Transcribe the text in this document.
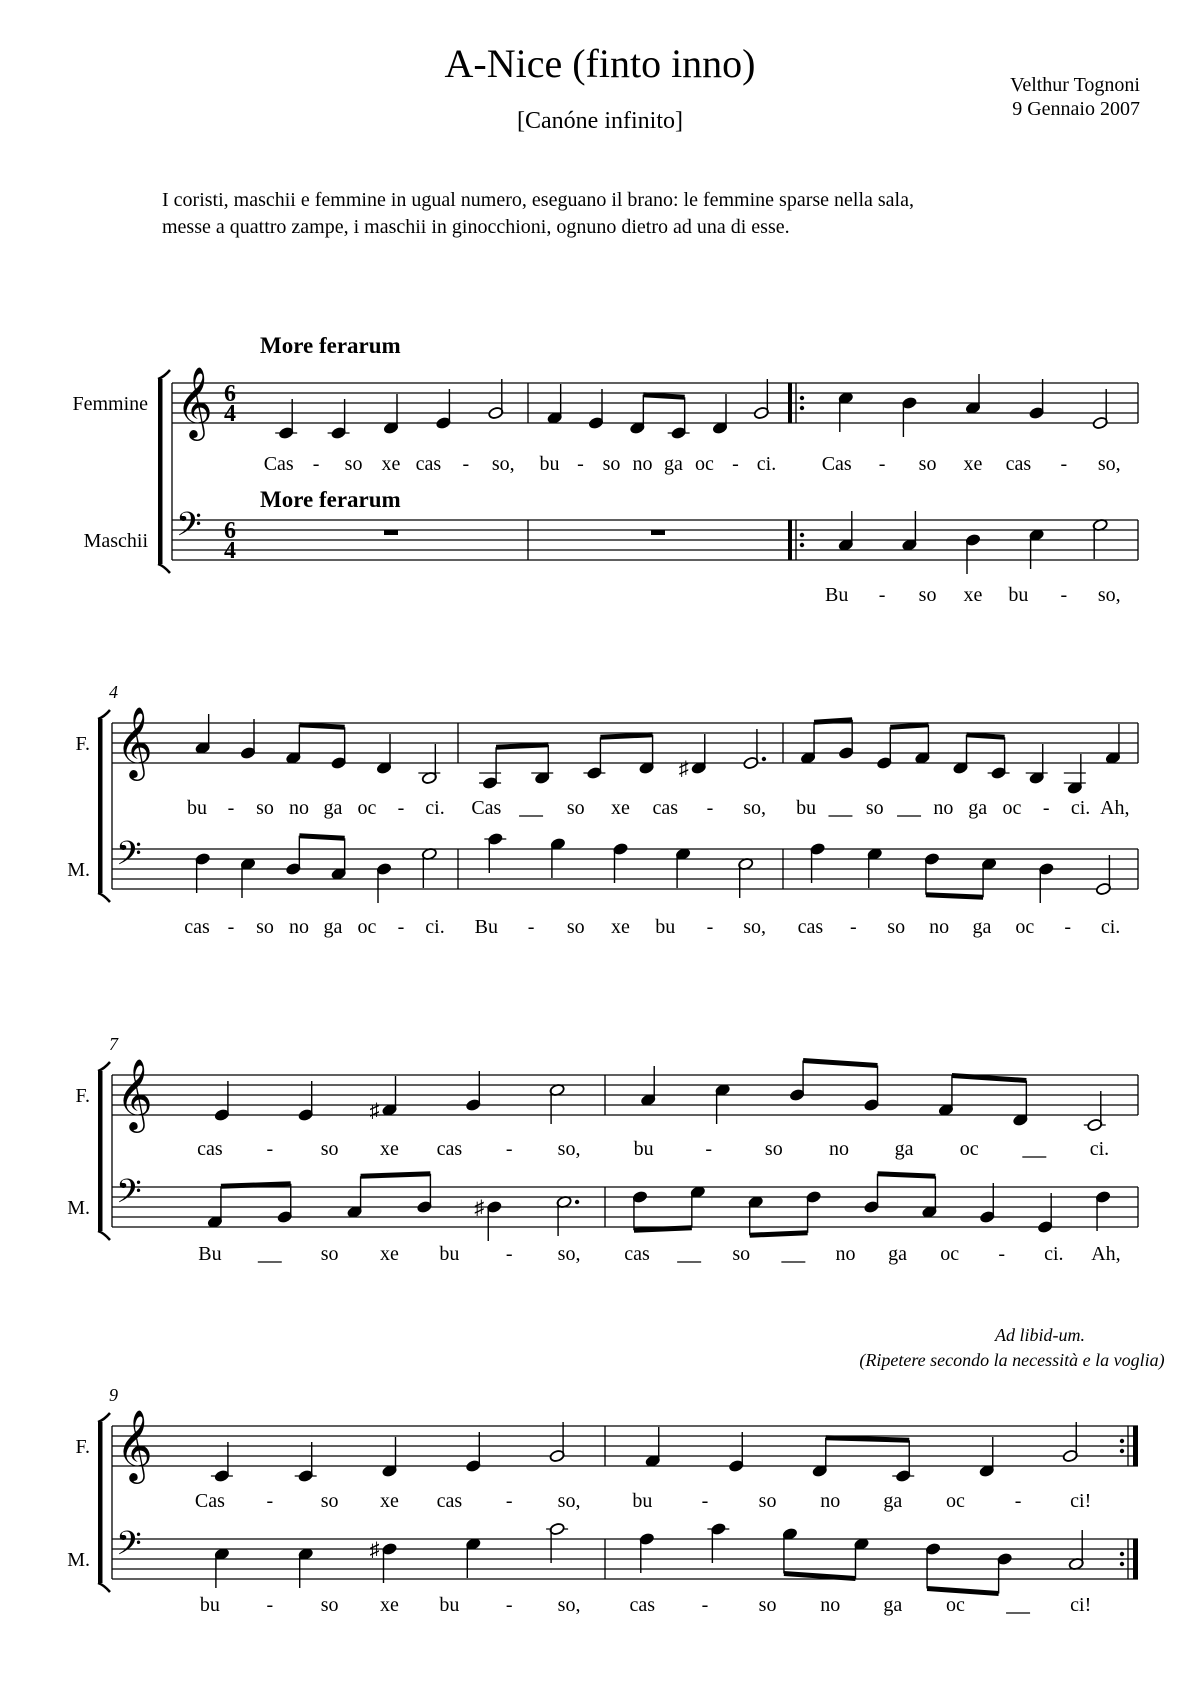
A-Nice (finto inno)
[Canóne infinito]
Velthur Tognoni
9 Gennaio 2007
I coristi, maschii e femmine in ugual numero, eseguano il brano: le femmine sparse nella sala,
messe a quattro zampe, i maschii in ginocchioni, ognuno dietro ad una di esse.
Femmine
Maschii
𝄞
𝄢
6
4
6
4
More ferarum
More ferarum
Cas - so xe cas - so, bu - so no ga oc - ci. Cas - so xe cas - so,
Bu - so xe bu - so,
F.
M.
4
𝄞
𝄢
bu - so no ga oc - ci.
cas - so no ga oc - ci.
♯
Cas	so xe cas - so,
Bu - so xe bu - so,
bu so no ga oc - ci. Ah,
cas - so no ga oc - ci.
F.
M.
7
𝄞
𝄢
♯
cas - so xe cas - so,
♯
Bu	so xe bu - so,
bu	-	so no ga oc	ci.
cas	so	no ga oc - ci. Ah,
F.
M.
9
𝄞
𝄢
Ad libid-um.
(Ripetere secondo la necessità e la voglia)
Cas - so xe cas - so,
♯
bu - so xe bu - so,
bu -	so no ga oc - ci!
cas -	so no ga oc	ci!
